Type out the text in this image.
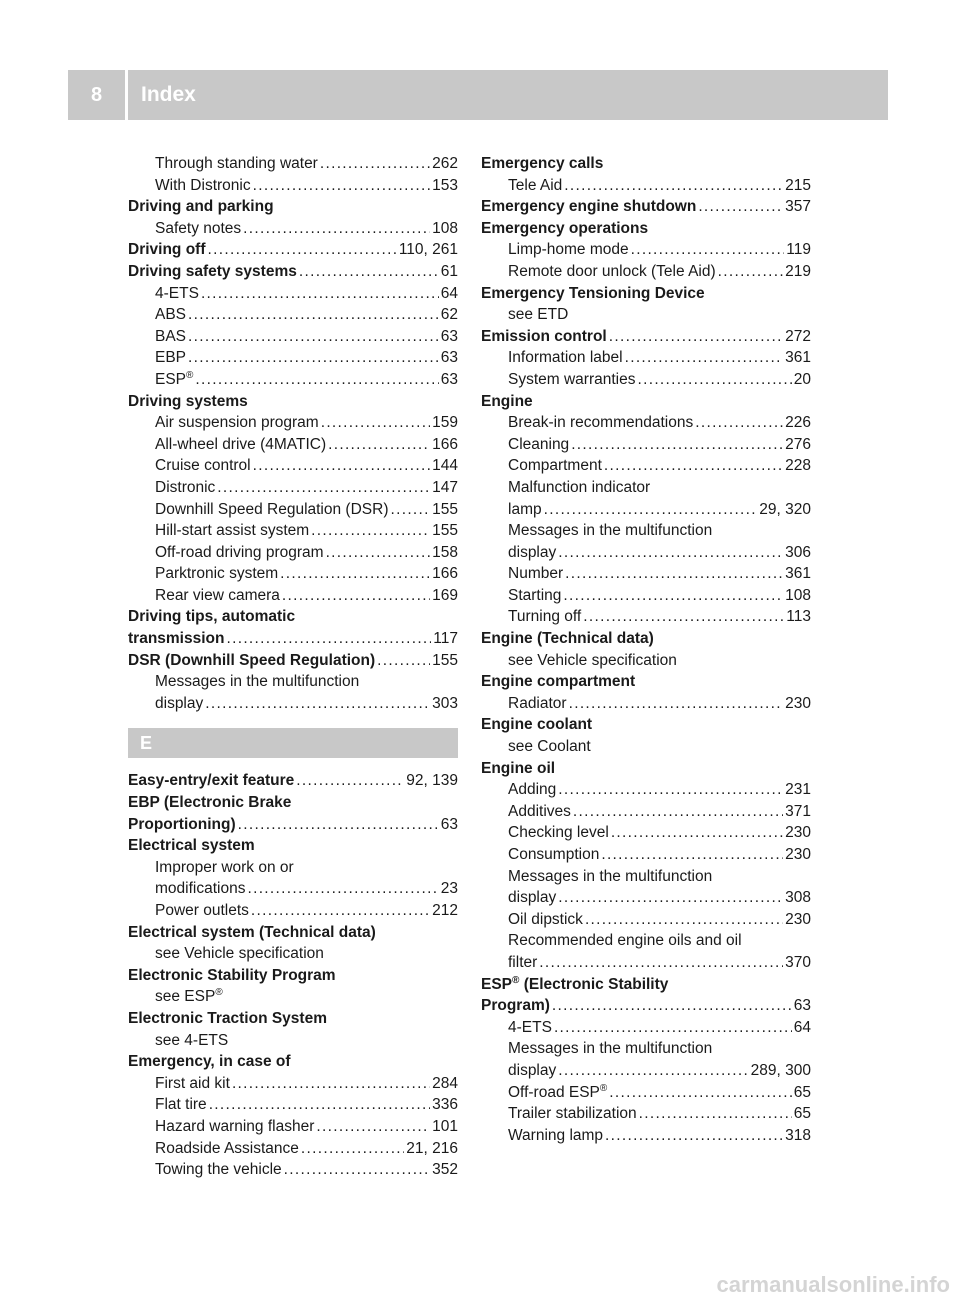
8	Index
Through standing water . . .	262
With Distronic . . .	153
Driving and parking
Safety notes . . .	108
Driving off . . .	110, 261
Driving safety systems . . .	61
4-ETS . . .	64
ABS . . .	62
BAS . . .	63
EBP . . .	63
ESP® . . .	63
Driving systems
Air suspension program . . .	159
All-wheel drive (4MATIC) . . .	166
Cruise control . . .	144
Distronic . . .	147
Downhill Speed Regulation (DSR) . . .	155
Hill-start assist system . . .	155
Off-road driving program . . .	158
Parktronic system . . .	166
Rear view camera . . .	169
Driving tips, automatic
transmission . . .	117
DSR (Downhill Speed Regulation) . . .	155
Messages in the multifunction
display . . .	303
E
Easy-entry/exit feature . . .	92, 139
EBP (Electronic Brake
Proportioning) . . .	63
Electrical system
Improper work on or
modifications . . .	23
Power outlets . . .	212
Electrical system (Technical data)
see Vehicle specification
Electronic Stability Program
see ESP®
Electronic Traction System
see 4-ETS
Emergency, in case of
First aid kit . . .	284
Flat tire . . .	336
Hazard warning flasher . . .	101
Roadside Assistance . . .	21, 216
Towing the vehicle . . .	352
Emergency calls
Tele Aid . . .	215
Emergency engine shutdown . . .	357
Emergency operations
Limp-home mode . . .	119
Remote door unlock (Tele Aid) . . .	219
Emergency Tensioning Device
see ETD
Emission control . . .	272
Information label . . .	361
System warranties . . .	20
Engine
Break-in recommendations . . .	226
Cleaning . . .	276
Compartment . . .	228
Malfunction indicator
lamp . . .	29, 320
Messages in the multifunction
display . . .	306
Number . . .	361
Starting . . .	108
Turning off . . .	113
Engine (Technical data)
see Vehicle specification
Engine compartment
Radiator . . .	230
Engine coolant
see Coolant
Engine oil
Adding . . .	231
Additives . . .	371
Checking level . . .	230
Consumption . . .	230
Messages in the multifunction
display . . .	308
Oil dipstick . . .	230
Recommended engine oils and oil
filter . . .	370
ESP® (Electronic Stability
Program) . . .	63
4-ETS . . .	64
Messages in the multifunction
display . . .	289, 300
Off-road ESP® . . .	65
Trailer stabilization . . .	65
Warning lamp . . .	318
carmanualsonline.info
